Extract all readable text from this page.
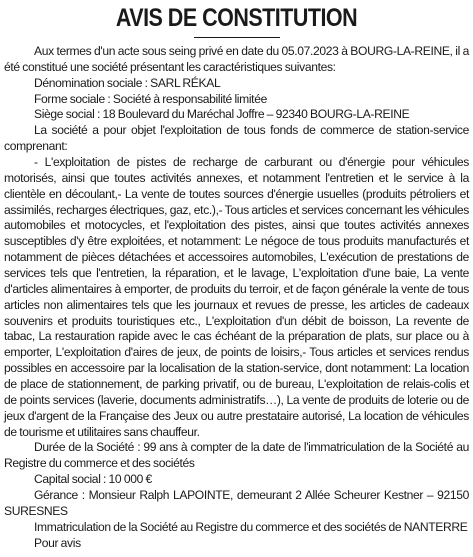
AVIS DE CONSTITUTION

Aux termes d'un acte sous seing privé en date du 05.07.2023 à BOURG-LA-REINE, il a été constitué une société présentant les caractéristiques suivantes:

Dénomination sociale : SARL RÉKAL

Forme sociale : Société à responsabilité limitée

Siège social : 18 Boulevard du Maréchal Joffre – 92340 BOURG-LA-REINE

La société a pour objet l'exploitation de tous fonds de commerce de station-service comprenant:

- L'exploitation de pistes de recharge de carburant ou d'énergie pour véhicules motorisés, ainsi que toutes activités annexes, et notamment l'entretien et le service à la clientèle en découlant,- La vente de toutes sources d'énergie usuelles (produits pétroliers et assimilés, recharges électriques, gaz, etc.),- Tous articles et services concernant les véhicules automobiles et motocycles, et l'exploitation des pistes, ainsi que toutes activités annexes susceptibles d'y être exploitées, et notamment: Le négoce de tous produits manufacturés et notamment de pièces détachées et accessoires automobiles, L'exécution de prestations de services tels que l'entretien, la réparation, et le lavage, L'exploitation d'une baie, La vente d'articles alimentaires à emporter, de produits du terroir, et de façon générale la vente de tous articles non alimentaires tels que les journaux et revues de presse, les articles de cadeaux souvenirs et produits touristiques etc., L'exploitation d'un débit de boisson, La revente de tabac, La restauration rapide avec le cas échéant de la préparation de plats, sur place ou à emporter, L'exploitation d'aires de jeux, de points de loisirs,- Tous articles et services rendus possibles en accessoire par la localisation de la station-service, dont notamment: La location de place de stationnement, de parking privatif, ou de bureau, L'exploitation de relais-colis et de points services (laverie, documents administratifs…), La vente de produits de loterie ou de jeux d'argent de la Française des Jeux ou autre prestataire autorisé, La location de véhicules de tourisme et utilitaires sans chauffeur.

Durée de la Société : 99 ans à compter de la date de l'immatriculation de la Société au Registre du commerce et des sociétés

Capital social : 10 000 €

Gérance : Monsieur Ralph LAPOINTE, demeurant 2 Allée Scheurer Kestner – 92150 SURESNES

Immatriculation de la Société au Registre du commerce et des sociétés de NANTERRE

Pour avis
